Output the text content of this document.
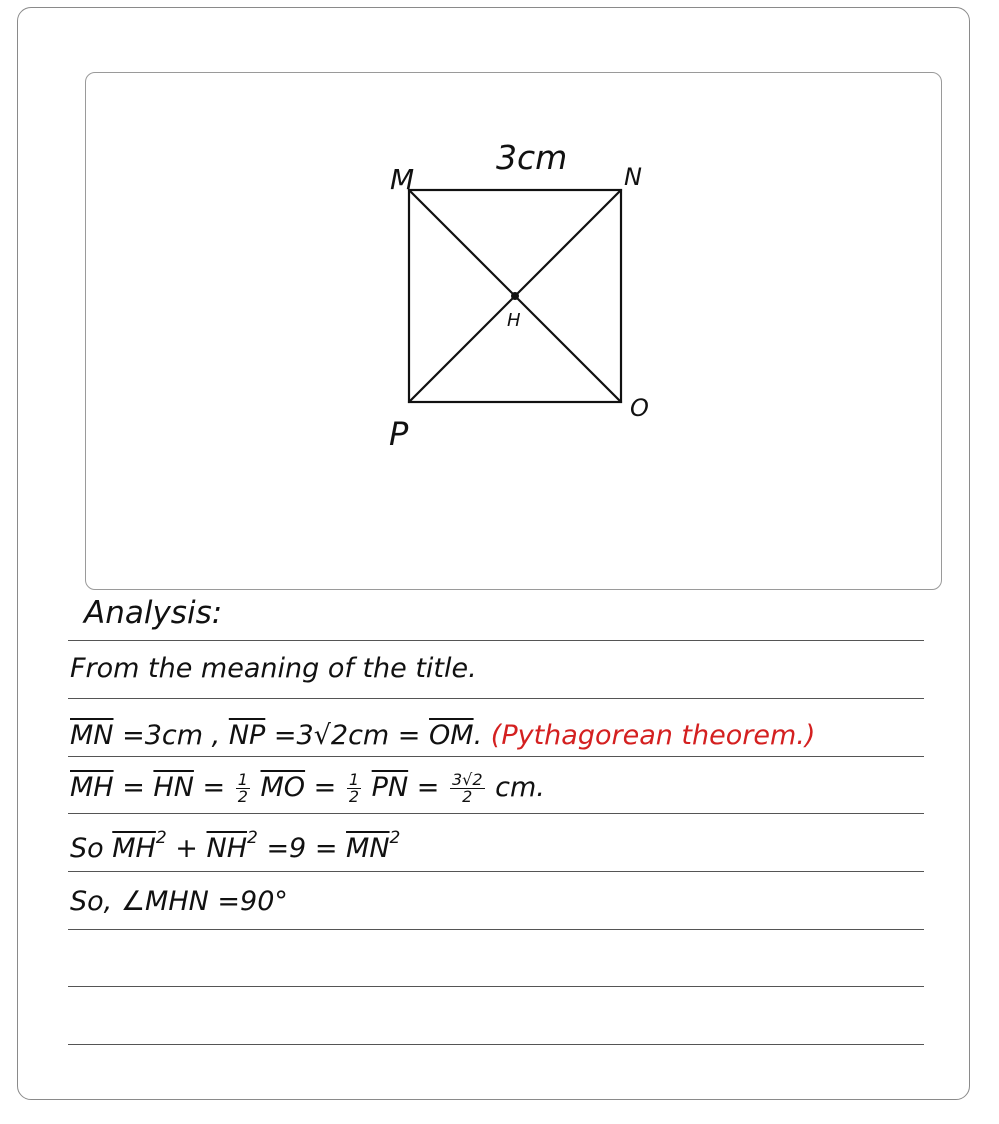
3cm
M	N
P
O
H
Analysis:
From the meaning of the title.
$\overline{MN} =3cm$ , $\overline{NP} =3√2cm = \overline{OM}$. (Pythagorean theorem.)
$\overline{MH} = \overline{HN} = \frac{1}{2} \overline{MO} = \frac{1}{2} \overline{PN} = \frac{3√2}{2}$ cm.
So $\overline{MH}^2 + \overline{NH}^2 =9 = \overline{MN}^2$
So, ∠MHN =90°
